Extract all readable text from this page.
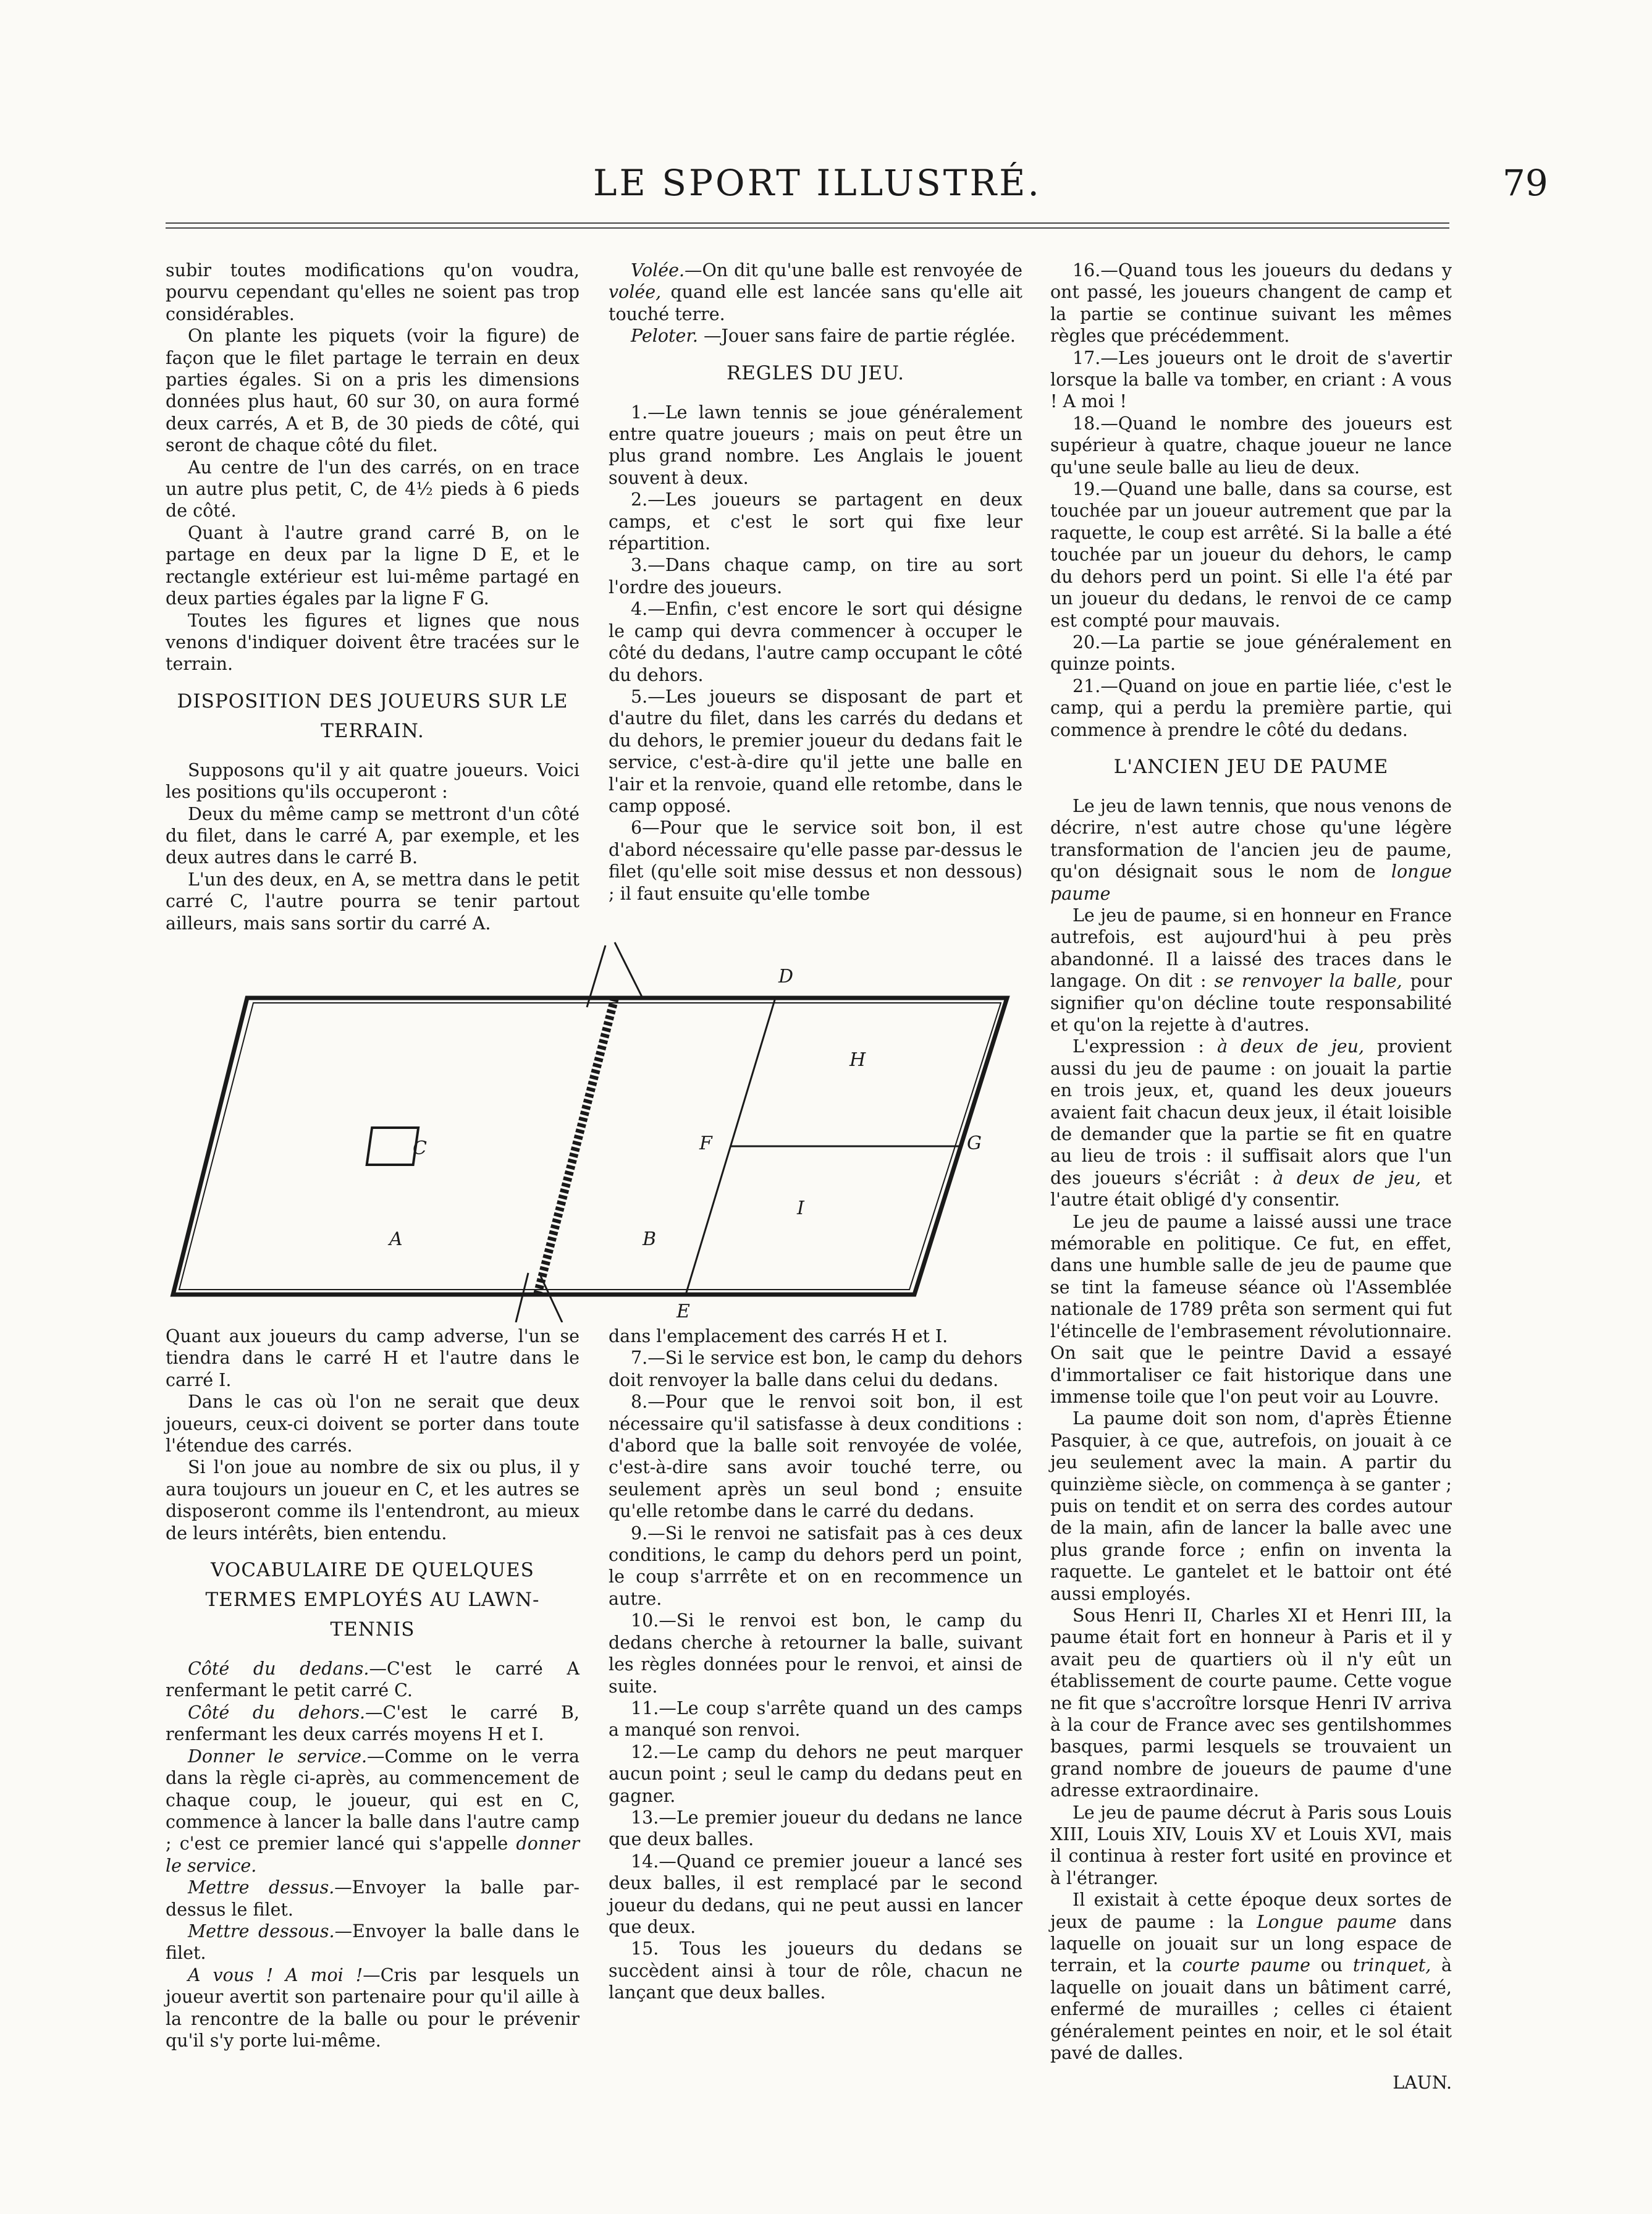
LE SPORT ILLUSTRÉ.	79

subir toutes modifications qu'on voudra, pourvu cependant qu'elles ne soient pas trop considérables.

On plante les piquets (voir la figure) de façon que le filet partage le terrain en deux parties égales. Si on a pris les dimensions données plus haut, 60 sur 30, on aura formé deux carrés, A et B, de 30 pieds de côté, qui seront de chaque côté du filet.

Au centre de l'un des carrés, on en trace un autre plus petit, C, de 4½ pieds à 6 pieds de côté.

Quant à l'autre grand carré B, on le partage en deux par la ligne D E, et le rectangle extérieur est lui-même partagé en deux parties égales par la ligne F G.

Toutes les figures et lignes que nous venons d'indiquer doivent être tracées sur le terrain.

DISPOSITION DES JOUEURS SUR LE TERRAIN.

Supposons qu'il y ait quatre joueurs. Voici les positions qu'ils occuperont :

Deux du même camp se mettront d'un côté du filet, dans le carré A, par exemple, et les deux autres dans le carré B.

L'un des deux, en A, se mettra dans le petit carré C, l'autre pourra se tenir partout ailleurs, mais sans sortir du carré A.

Volée.—On dit qu'une balle est renvoyée de volée, quand elle est lancée sans qu'elle ait touché terre.

Peloter. —Jouer sans faire de partie réglée.

REGLES DU JEU.

1.—Le lawn tennis se joue généralement entre quatre joueurs ; mais on peut être un plus grand nombre. Les Anglais le jouent souvent à deux.

2.—Les joueurs se partagent en deux camps, et c'est le sort qui fixe leur répartition.

3.—Dans chaque camp, on tire au sort l'ordre des joueurs.

4.—Enfin, c'est encore le sort qui désigne le camp qui devra commencer à occuper le côté du dedans, l'autre camp occupant le côté du dehors.

5.—Les joueurs se disposant de part et d'autre du filet, dans les carrés du dedans et du dehors, le premier joueur du dedans fait le service, c'est-à-dire qu'il jette une balle en l'air et la renvoie, quand elle retombe, dans le camp opposé.

6—Pour que le service soit bon, il est d'abord nécessaire qu'elle passe par-dessus le filet (qu'elle soit mise dessus et non dessous) ; il faut ensuite qu'elle tombe

16.—Quand tous les joueurs du dedans y ont passé, les joueurs changent de camp et la partie se continue suivant les mêmes règles que précédemment.

17.—Les joueurs ont le droit de s'avertir lorsque la balle va tomber, en criant : A vous ! A moi !

18.—Quand le nombre des joueurs est supérieur à quatre, chaque joueur ne lance qu'une seule balle au lieu de deux.

19.—Quand une balle, dans sa course, est touchée par un joueur autrement que par la raquette, le coup est arrêté. Si la balle a été touchée par un joueur du dehors, le camp du dehors perd un point. Si elle l'a été par un joueur du dedans, le renvoi de ce camp est compté pour mauvais.

20.—La partie se joue généralement en quinze points.

21.—Quand on joue en partie liée, c'est le camp, qui a perdu la première partie, qui commence à prendre le côté du dedans.

L'ANCIEN JEU DE PAUME

Le jeu de lawn tennis, que nous venons de décrire, n'est autre chose qu'une légère transformation de l'ancien jeu de paume, qu'on désignait sous le nom de longue paume

Le jeu de paume, si en honneur en France autrefois, est aujourd'hui à peu près abandonné. Il a laissé des traces dans le langage. On dit : se renvoyer la balle, pour signifier qu'on décline toute responsabilité et qu'on la rejette à d'autres.

L'expression : à deux de jeu, provient aussi du jeu de paume : on jouait la partie en trois jeux, et, quand les deux joueurs avaient fait chacun deux jeux, il était loisible de demander que la partie se fit en quatre au lieu de trois : il suffisait alors que l'un des joueurs s'écriât : à deux de jeu, et l'autre était obligé d'y consentir.

Le jeu de paume a laissé aussi une trace mémorable en politique. Ce fut, en effet, dans une humble salle de jeu de paume que se tint la fameuse séance où l'Assemblée nationale de 1789 prêta son serment qui fut l'étincelle de l'embrasement révolutionnaire. On sait que le peintre David a essayé d'immortaliser ce fait historique dans une immense toile que l'on peut voir au Louvre.

La paume doit son nom, d'après Étienne Pasquier, à ce que, autrefois, on jouait à ce jeu seulement avec la main. A partir du quinzième siècle, on commença à se ganter ; puis on tendit et on serra des cordes autour de la main, afin de lancer la balle avec une plus grande force ; enfin on inventa la raquette. Le gantelet et le battoir ont été aussi employés.

Sous Henri II, Charles XI et Henri III, la paume était fort en honneur à Paris et il y avait peu de quartiers où il n'y eût un établissement de courte paume. Cette vogue ne fit que s'accroître lorsque Henri IV arriva à la cour de France avec ses gentilshommes basques, parmi lesquels se trouvaient un grand nombre de joueurs de paume d'une adresse extraordinaire.

Le jeu de paume décrut à Paris sous Louis XIII, Louis XIV, Louis XV et Louis XVI, mais il continua à rester fort usité en province et à l'étranger.

Il existait à cette époque deux sortes de jeux de paume : la Longue paume dans laquelle on jouait sur un long espace de terrain, et la courte paume ou trinquet, à laquelle on jouait dans un bâtiment carré, enfermé de murailles ; celles ci étaient généralement peintes en noir, et le sol était pavé de dalles.

LAUN.

C
A	B
D
E
F	G
H
I

Quant aux joueurs du camp adverse, l'un se tiendra dans le carré H et l'autre dans le carré I.

Dans le cas où l'on ne serait que deux joueurs, ceux-ci doivent se porter dans toute l'étendue des carrés.

Si l'on joue au nombre de six ou plus, il y aura toujours un joueur en C, et les autres se disposeront comme ils l'entendront, au mieux de leurs intérêts, bien entendu.

VOCABULAIRE DE QUELQUES TERMES EMPLOYÉS AU LAWN-TENNIS

Côté du dedans.—C'est le carré A renfermant le petit carré C.

Côté du dehors.—C'est le carré B, renfermant les deux carrés moyens H et I.

Donner le service.—Comme on le verra dans la règle ci-après, au commencement de chaque coup, le joueur, qui est en C, commence à lancer la balle dans l'autre camp ; c'est ce premier lancé qui s'appelle donner le service.

Mettre dessus.—Envoyer la balle par-dessus le filet.

Mettre dessous.—Envoyer la balle dans le filet.

A vous ! A moi !—Cris par lesquels un joueur avertit son partenaire pour qu'il aille à la rencontre de la balle ou pour le prévenir qu'il s'y porte lui-même.

dans l'emplacement des carrés H et I.

7.—Si le service est bon, le camp du dehors doit renvoyer la balle dans celui du dedans.

8.—Pour que le renvoi soit bon, il est nécessaire qu'il satisfasse à deux conditions : d'abord que la balle soit renvoyée de volée, c'est-à-dire sans avoir touché terre, ou seulement après un seul bond ; ensuite qu'elle retombe dans le carré du dedans.

9.—Si le renvoi ne satisfait pas à ces deux conditions, le camp du dehors perd un point, le coup s'arrrête et on en recommence un autre.

10.—Si le renvoi est bon, le camp du dedans cherche à retourner la balle, suivant les règles données pour le renvoi, et ainsi de suite.

11.—Le coup s'arrête quand un des camps a manqué son renvoi.

12.—Le camp du dehors ne peut marquer aucun point ; seul le camp du dedans peut en gagner.

13.—Le premier joueur du dedans ne lance que deux balles.

14.—Quand ce premier joueur a lancé ses deux balles, il est remplacé par le second joueur du dedans, qui ne peut aussi en lancer que deux.

15. Tous les joueurs du dedans se succèdent ainsi à tour de rôle, chacun ne lançant que deux balles.
